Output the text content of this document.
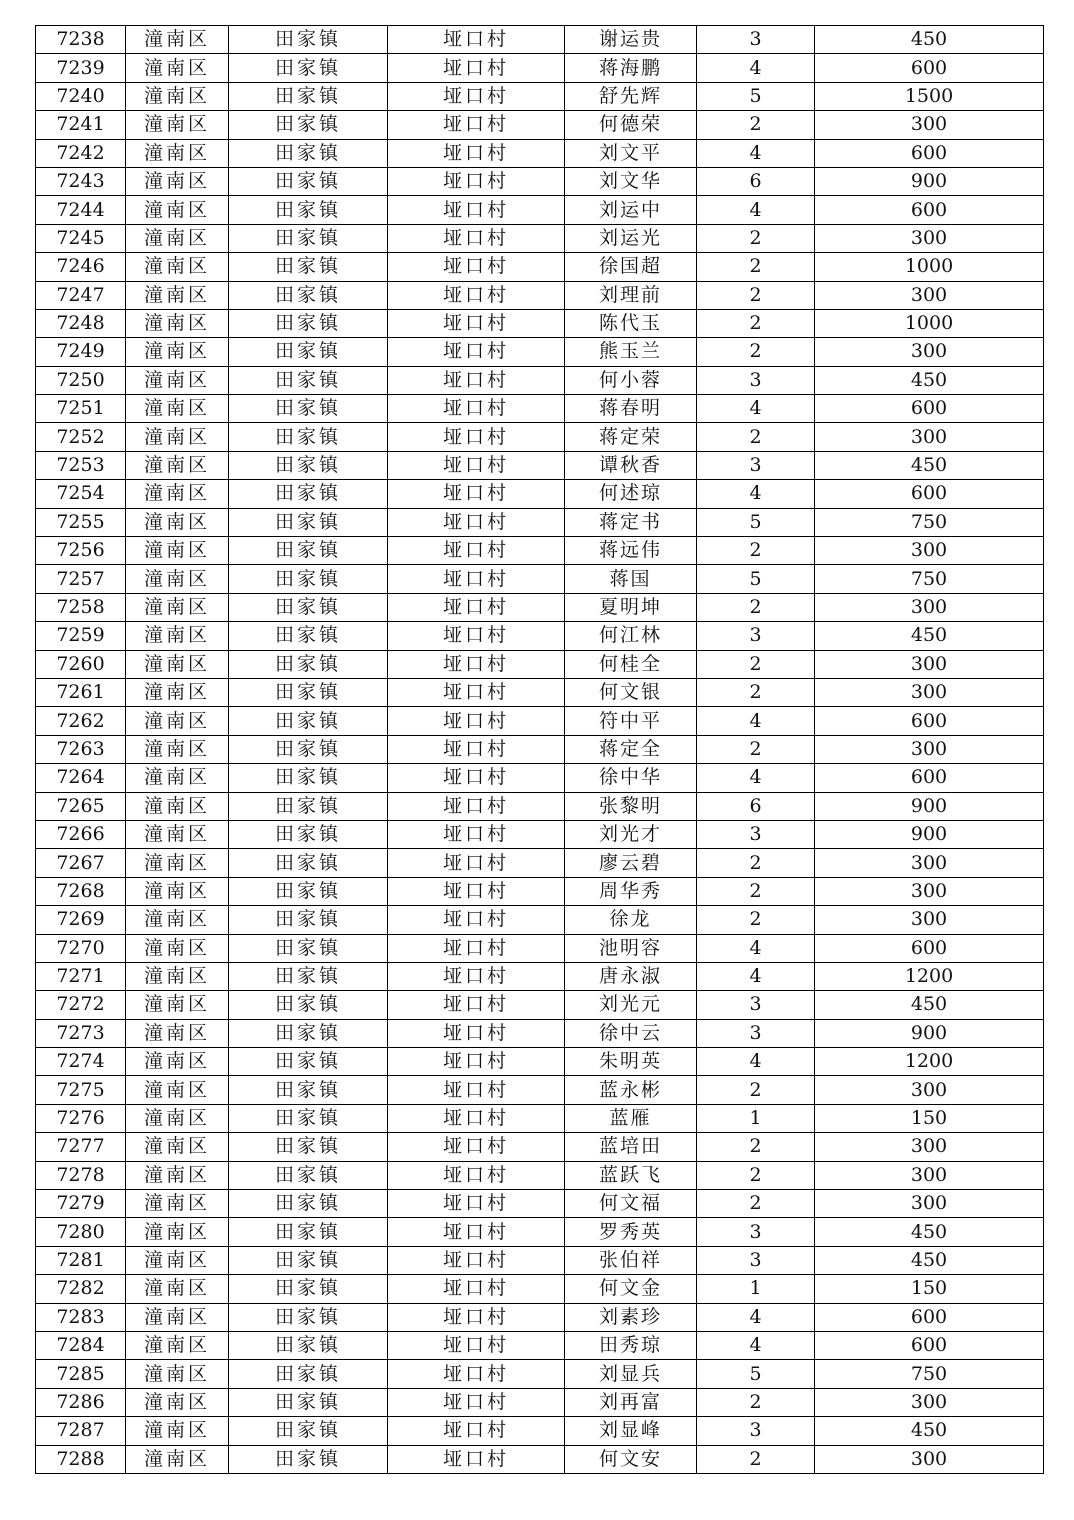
7238	潼南区	田家镇	垭口村	谢运贵	3	450
7239	潼南区	田家镇	垭口村	蒋海鹏	4	600
7240	潼南区	田家镇	垭口村	舒先辉	5	1500
7241	潼南区	田家镇	垭口村	何德荣	2	300
7242	潼南区	田家镇	垭口村	刘文平	4	600
7243	潼南区	田家镇	垭口村	刘文华	6	900
7244	潼南区	田家镇	垭口村	刘运中	4	600
7245	潼南区	田家镇	垭口村	刘运光	2	300
7246	潼南区	田家镇	垭口村	徐国超	2	1000
7247	潼南区	田家镇	垭口村	刘理前	2	300
7248	潼南区	田家镇	垭口村	陈代玉	2	1000
7249	潼南区	田家镇	垭口村	熊玉兰	2	300
7250	潼南区	田家镇	垭口村	何小蓉	3	450
7251	潼南区	田家镇	垭口村	蒋春明	4	600
7252	潼南区	田家镇	垭口村	蒋定荣	2	300
7253	潼南区	田家镇	垭口村	谭秋香	3	450
7254	潼南区	田家镇	垭口村	何述琼	4	600
7255	潼南区	田家镇	垭口村	蒋定书	5	750
7256	潼南区	田家镇	垭口村	蒋远伟	2	300
7257	潼南区	田家镇	垭口村	蒋国	5	750
7258	潼南区	田家镇	垭口村	夏明坤	2	300
7259	潼南区	田家镇	垭口村	何江林	3	450
7260	潼南区	田家镇	垭口村	何桂全	2	300
7261	潼南区	田家镇	垭口村	何文银	2	300
7262	潼南区	田家镇	垭口村	符中平	4	600
7263	潼南区	田家镇	垭口村	蒋定全	2	300
7264	潼南区	田家镇	垭口村	徐中华	4	600
7265	潼南区	田家镇	垭口村	张黎明	6	900
7266	潼南区	田家镇	垭口村	刘光才	3	900
7267	潼南区	田家镇	垭口村	廖云碧	2	300
7268	潼南区	田家镇	垭口村	周华秀	2	300
7269	潼南区	田家镇	垭口村	徐龙	2	300
7270	潼南区	田家镇	垭口村	池明容	4	600
7271	潼南区	田家镇	垭口村	唐永淑	4	1200
7272	潼南区	田家镇	垭口村	刘光元	3	450
7273	潼南区	田家镇	垭口村	徐中云	3	900
7274	潼南区	田家镇	垭口村	朱明英	4	1200
7275	潼南区	田家镇	垭口村	蓝永彬	2	300
7276	潼南区	田家镇	垭口村	蓝雁	1	150
7277	潼南区	田家镇	垭口村	蓝培田	2	300
7278	潼南区	田家镇	垭口村	蓝跃飞	2	300
7279	潼南区	田家镇	垭口村	何文福	2	300
7280	潼南区	田家镇	垭口村	罗秀英	3	450
7281	潼南区	田家镇	垭口村	张伯祥	3	450
7282	潼南区	田家镇	垭口村	何文金	1	150
7283	潼南区	田家镇	垭口村	刘素珍	4	600
7284	潼南区	田家镇	垭口村	田秀琼	4	600
7285	潼南区	田家镇	垭口村	刘显兵	5	750
7286	潼南区	田家镇	垭口村	刘再富	2	300
7287	潼南区	田家镇	垭口村	刘显峰	3	450
7288	潼南区	田家镇	垭口村	何文安	2	300
